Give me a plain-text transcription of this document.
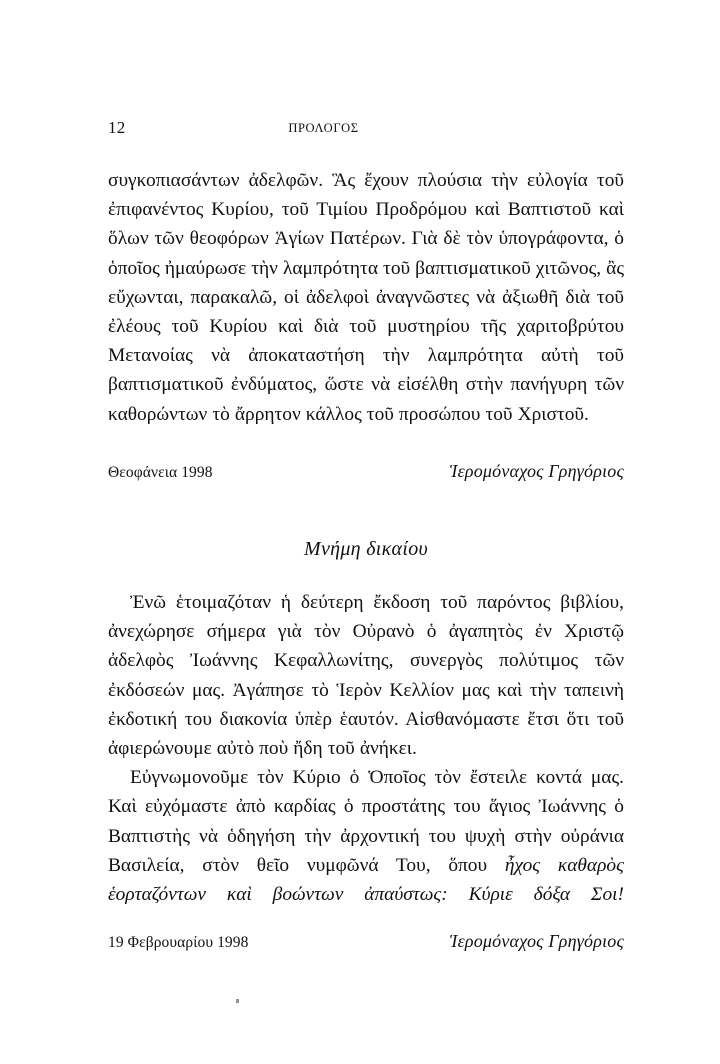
12	ΠΡΟΛΟΓΟΣ

συγκοπιασάντων ἀδελφῶν. Ἃς ἔχουν πλούσια τὴν εὐλογία τοῦ ἐπιφανέντος Κυρίου, τοῦ Τιμίου Προδρόμου καὶ Βαπτιστοῦ καὶ ὅλων τῶν θεοφόρων Ἁγίων Πατέρων. Γιὰ δὲ τὸν ὑπογράφοντα, ὁ ὁποῖος ἠμαύρωσε τὴν λαμπρότητα τοῦ βαπτισματικοῦ χιτῶνος, ἂς εὔχωνται, παρακαλῶ, οἱ ἀδελφοὶ ἀναγνῶστες νὰ ἀξιωθῆ διὰ τοῦ ἐλέους τοῦ Κυρίου καὶ διὰ τοῦ μυστηρίου τῆς χαριτοβρύτου Μετανοίας νὰ ἀποκαταστήση τὴν λαμπρότητα αὐτὴ τοῦ βαπτισματικοῦ ἐνδύματος, ὥστε νὰ εἰσέλθη στὴν πανήγυρη τῶν καθορώντων τὸ ἄρρητον κάλλος τοῦ προσώπου τοῦ Χριστοῦ.

Θεοφάνεια 1998	Ἱερομόναχος Γρηγόριος
Μνήμη δικαίου

Ἐνῶ ἑτοιμαζόταν ἡ δεύτερη ἔκδοση τοῦ παρόντος βιβλίου, ἀνεχώρησε σήμερα γιὰ τὸν Οὐρανὸ ὁ ἀγαπητὸς ἐν Χριστῷ ἀδελφὸς Ἰωάννης Κεφαλλωνίτης, συνεργὸς πολύτιμος τῶν ἐκδόσεών μας. Ἀγάπησε τὸ Ἱερὸν Κελλίον μας καὶ τὴν ταπεινὴ ἐκδοτική του διακονία ὑπὲρ ἑαυτόν. Αἰσθανόμαστε ἔτσι ὅτι τοῦ ἀφιερώνουμε αὐτὸ ποὺ ἤδη τοῦ ἀνήκει.

Εὐγνωμονοῦμε τὸν Κύριο ὁ Ὁποῖος τὸν ἔστειλε κοντά μας. Καὶ εὐχόμαστε ἀπὸ καρδίας ὁ προστάτης του ἅγιος Ἰωάννης ὁ Βαπτιστὴς νὰ ὁδηγήση τὴν ἀρχοντική του ψυχὴ στὴν οὐράνια Βασιλεία, στὸν θεῖο νυμφῶνά Του, ὅπου ἦχος καθαρὸς ἑορταζόντων καὶ βοώντων ἀπαύστως: Κύριε δόξα Σοι!

19 Φεβρουαρίου 1998	Ἱερομόναχος Γρηγόριος
